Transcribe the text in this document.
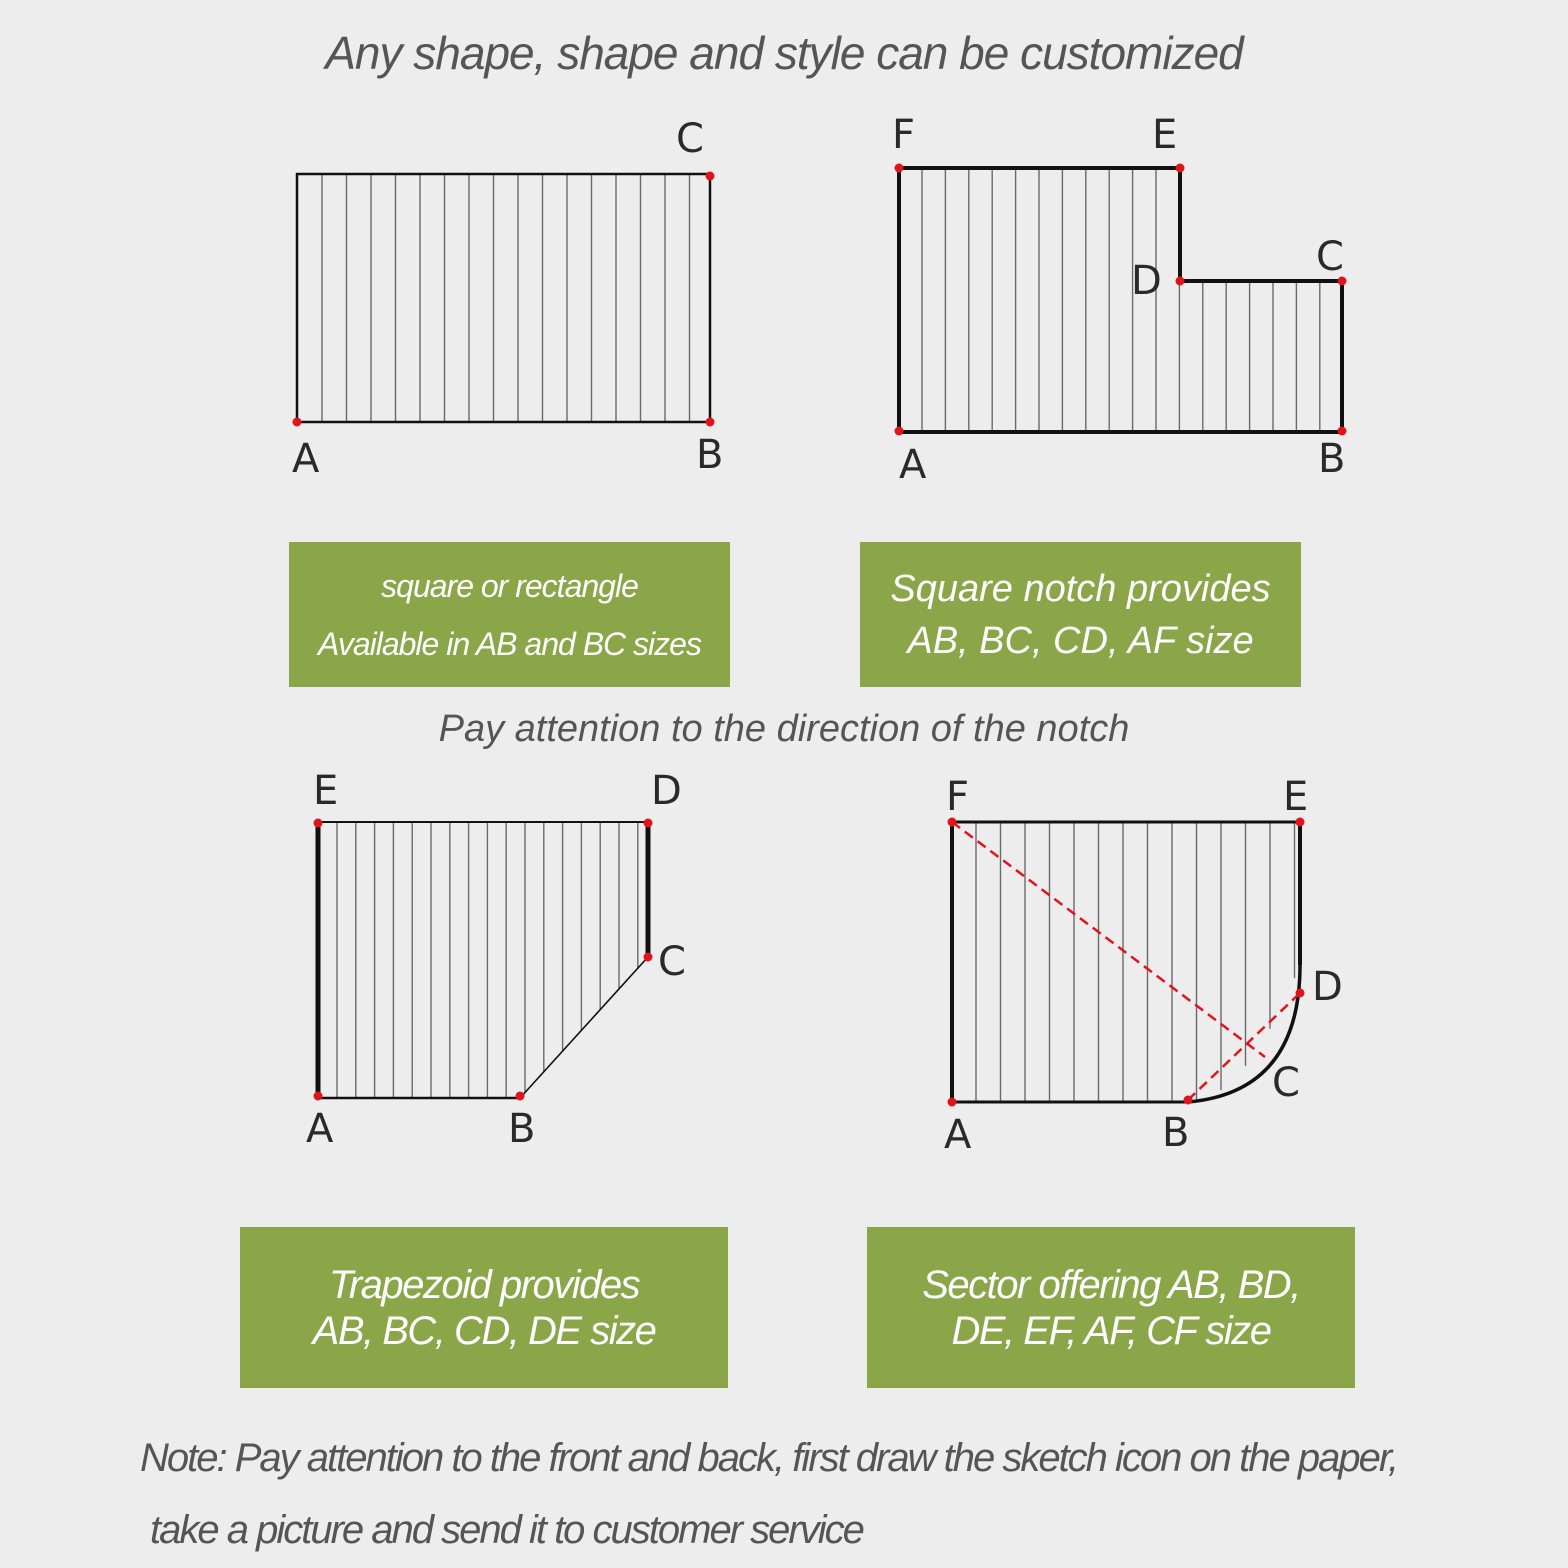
Any shape, shape and style can be customized
A	B
C
A	B
C
D
E
F
A	B
C
D
E
A	B
C
D
E
F
square or rectangle
Available in AB and BC sizes
Square notch provides
AB, BC, CD, AF size
Pay attention to the direction of the notch
Trapezoid provides
AB, BC, CD, DE size
Sector offering AB, BD,
DE, EF, AF, CF size
Note: Pay attention to the front and back, first draw the sketch icon on the paper,
take a picture and send it to customer service
